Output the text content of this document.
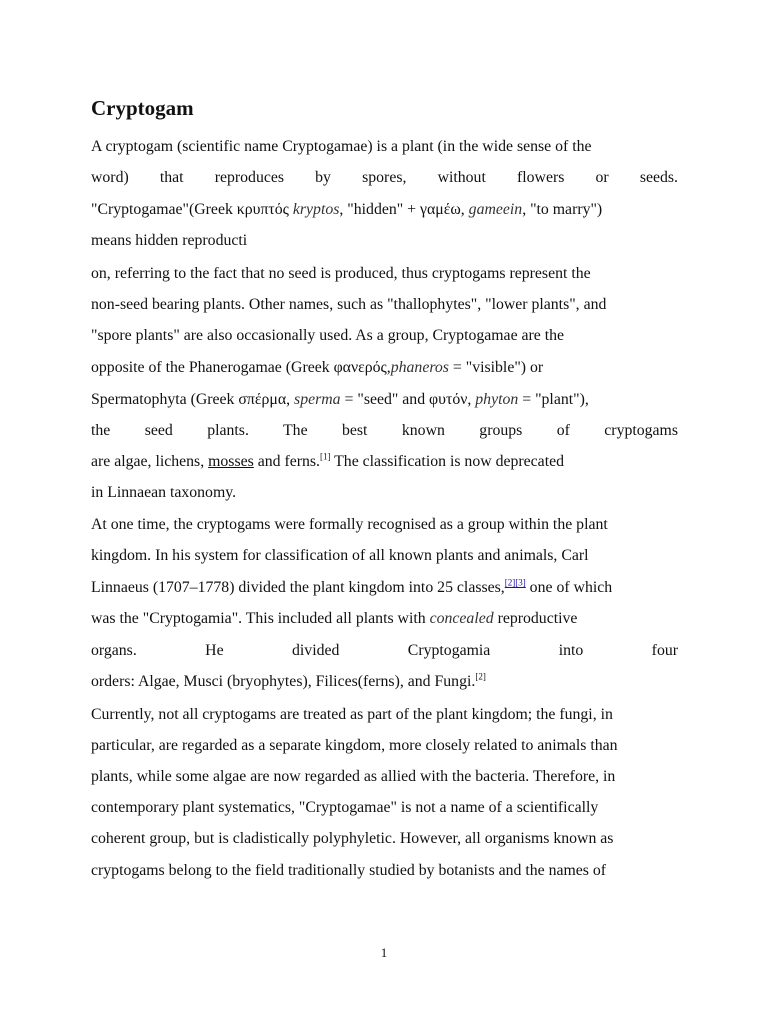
Cryptogam
A cryptogam (scientific name Cryptogamae) is a plant (in the wide sense of the
word) that reproduces by spores, without flowers or seeds.
"Cryptogamae"(Greek κρυπτός kryptos, "hidden" + γαμέω, gameein, "to marry")
means hidden reproducti
on, referring to the fact that no seed is produced, thus cryptogams represent the
non-seed bearing plants. Other names, such as "thallophytes", "lower plants", and
"spore plants" are also occasionally used. As a group, Cryptogamae are the
opposite of the Phanerogamae (Greek φανερός,phaneros = "visible") or
Spermatophyta (Greek σπέρμα, sperma = "seed" and φυτόν, phyton = "plant"),
the seed plants. The best known groups of cryptogams
are algae, lichens, mosses and ferns.[1] The classification is now deprecated
in Linnaean taxonomy.
At one time, the cryptogams were formally recognised as a group within the plant
kingdom. In his system for classification of all known plants and animals, Carl
Linnaeus (1707–1778) divided the plant kingdom into 25 classes,[2][3] one of which
was the "Cryptogamia". This included all plants with concealed reproductive
organs. He divided Cryptogamia into four
orders: Algae, Musci (bryophytes), Filices(ferns), and Fungi.[2]
Currently, not all cryptogams are treated as part of the plant kingdom; the fungi, in
particular, are regarded as a separate kingdom, more closely related to animals than
plants, while some algae are now regarded as allied with the bacteria. Therefore, in
contemporary plant systematics, "Cryptogamae" is not a name of a scientifically
coherent group, but is cladistically polyphyletic. However, all organisms known as
cryptogams belong to the field traditionally studied by botanists and the names of
1
